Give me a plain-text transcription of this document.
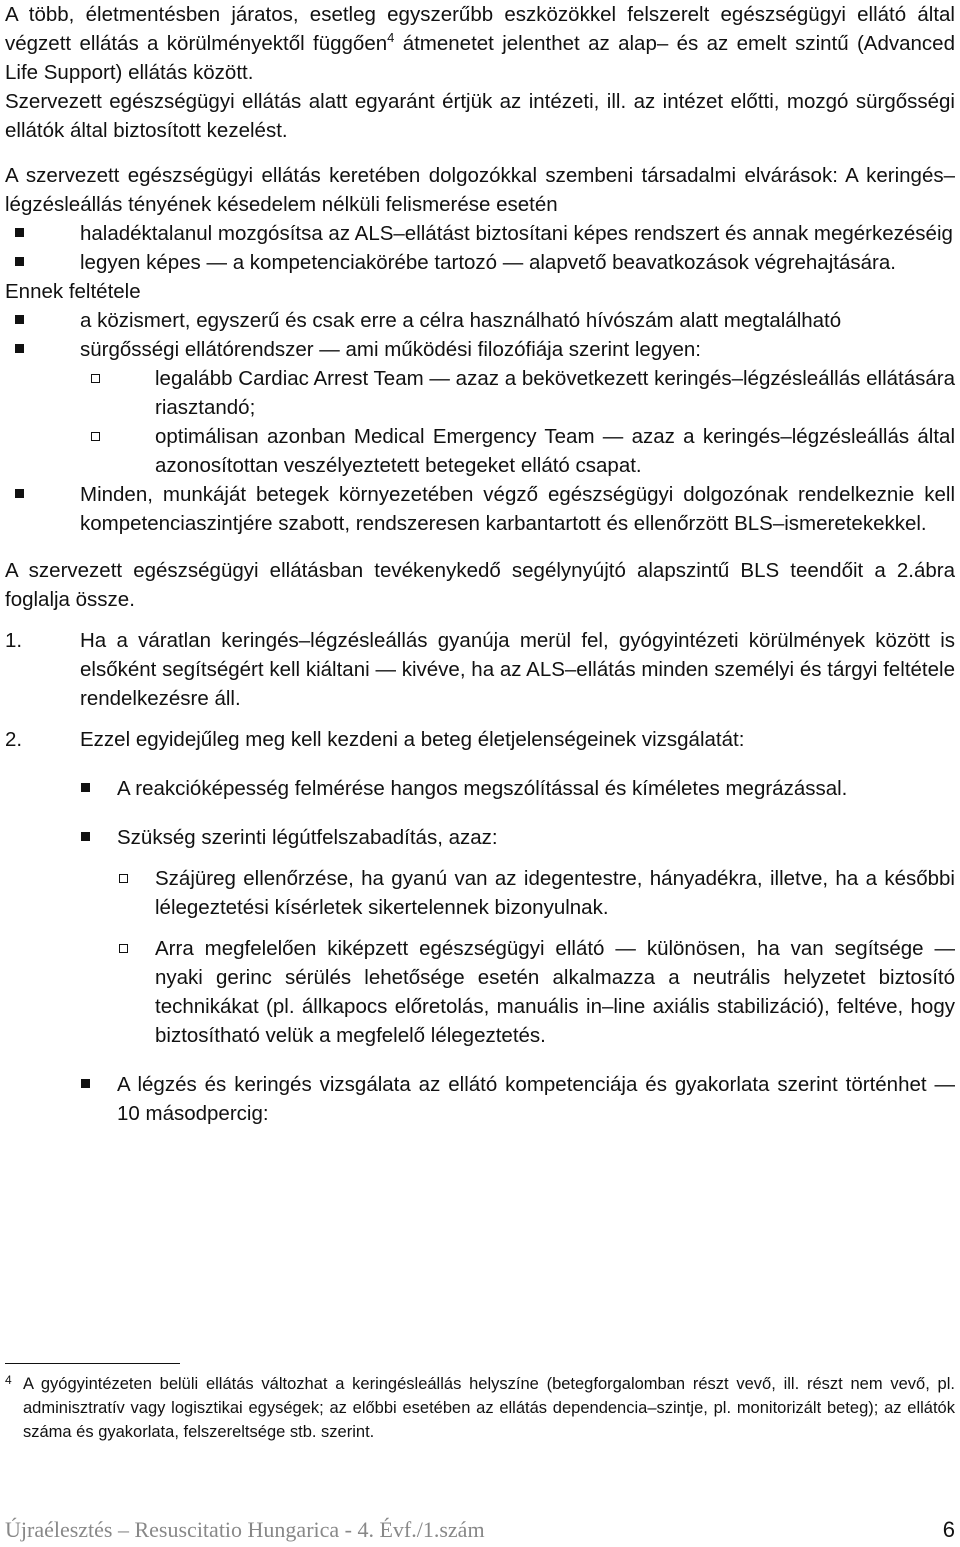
A több, életmentésben járatos, esetleg egyszerűbb eszközökkel felszerelt egészségügyi ellátó által végzett ellátás a körülményektől függően$^4$ átmenetet jelenthet az alap– és az emelt szintű (Advanced Life Support) ellátás között.

Szervezett egészségügyi ellátás alatt egyaránt értjük az intézeti, ill. az intézet előtti, mozgó sürgősségi ellátók által biztosított kezelést.

A szervezett egészségügyi ellátás keretében dolgozókkal szembeni társadalmi elvárások: A keringés–légzésleállás tényének késedelem nélküli felismerése esetén

haladéktalanul mozgósítsa az ALS–ellátást biztosítani képes rendszert és annak megérkezéséig
legyen képes — a kompetenciakörébe tartozó — alapvető beavatkozások végrehajtására.

Ennek feltétele

a közismert, egyszerű és csak erre a célra használható hívószám alatt megtalálható
sürgősségi ellátórendszer — ami működési filozófiája szerint legyen:
legalább Cardiac Arrest Team — azaz a bekövetkezett keringés–légzésleállás ellátására riasztandó;
optimálisan azonban Medical Emergency Team — azaz a keringés–légzésleállás által azonosítottan veszélyeztetett betegeket ellátó csapat.
Minden, munkáját betegek környezetében végző egészségügyi dolgozónak rendelkeznie kell kompetenciaszintjére szabott, rendszeresen karbantartott és ellenőrzött BLS–ismeretekekkel.

A szervezett egészségügyi ellátásban tevékenykedő segélynyújtó alapszintű BLS teendőit a 2.ábra foglalja össze.

1.	Ha a váratlan keringés–légzésleállás gyanúja merül fel, gyógyintézeti körülmények között is elsőként segítségért kell kiáltani — kivéve, ha az ALS–ellátás minden személyi és tárgyi feltétele rendelkezésre áll.
2.	Ezzel egyidejűleg meg kell kezdeni a beteg életjelenségeinek vizsgálatát:
A reakcióképesség felmérése hangos megszólítással és kíméletes megrázással.
Szükség szerinti légútfelszabadítás, azaz:
Szájüreg ellenőrzése, ha gyanú van az idegentestre, hányadékra, illetve, ha a későbbi lélegeztetési kísérletek sikertelennek bizonyulnak.
Arra megfelelően kiképzett egészségügyi ellátó — különösen, ha van segítsége — nyaki gerinc sérülés lehetősége esetén alkalmazza a neutrális helyzetet biztosító technikákat (pl. állkapocs előretolás, manuális in–line axiális stabilizáció), feltéve, hogy biztosítható velük a megfelelő lélegeztetés.
A légzés és keringés vizsgálata az ellátó kompetenciája és gyakorlata szerint történhet — 10 másodpercig:
4 A gyógyintézeten belüli ellátás változhat a keringésleállás helyszíne (betegforgalomban részt vevő, ill. részt nem vevő, pl. adminisztratív vagy logisztikai egységek; az előbbi esetében az ellátás dependencia–szintje, pl. monitorizált beteg); az ellátók száma és gyakorlata, felszereltsége stb. szerint.
Újraélesztés – Resuscitatio Hungarica - 4. Évf./1.szám	6
